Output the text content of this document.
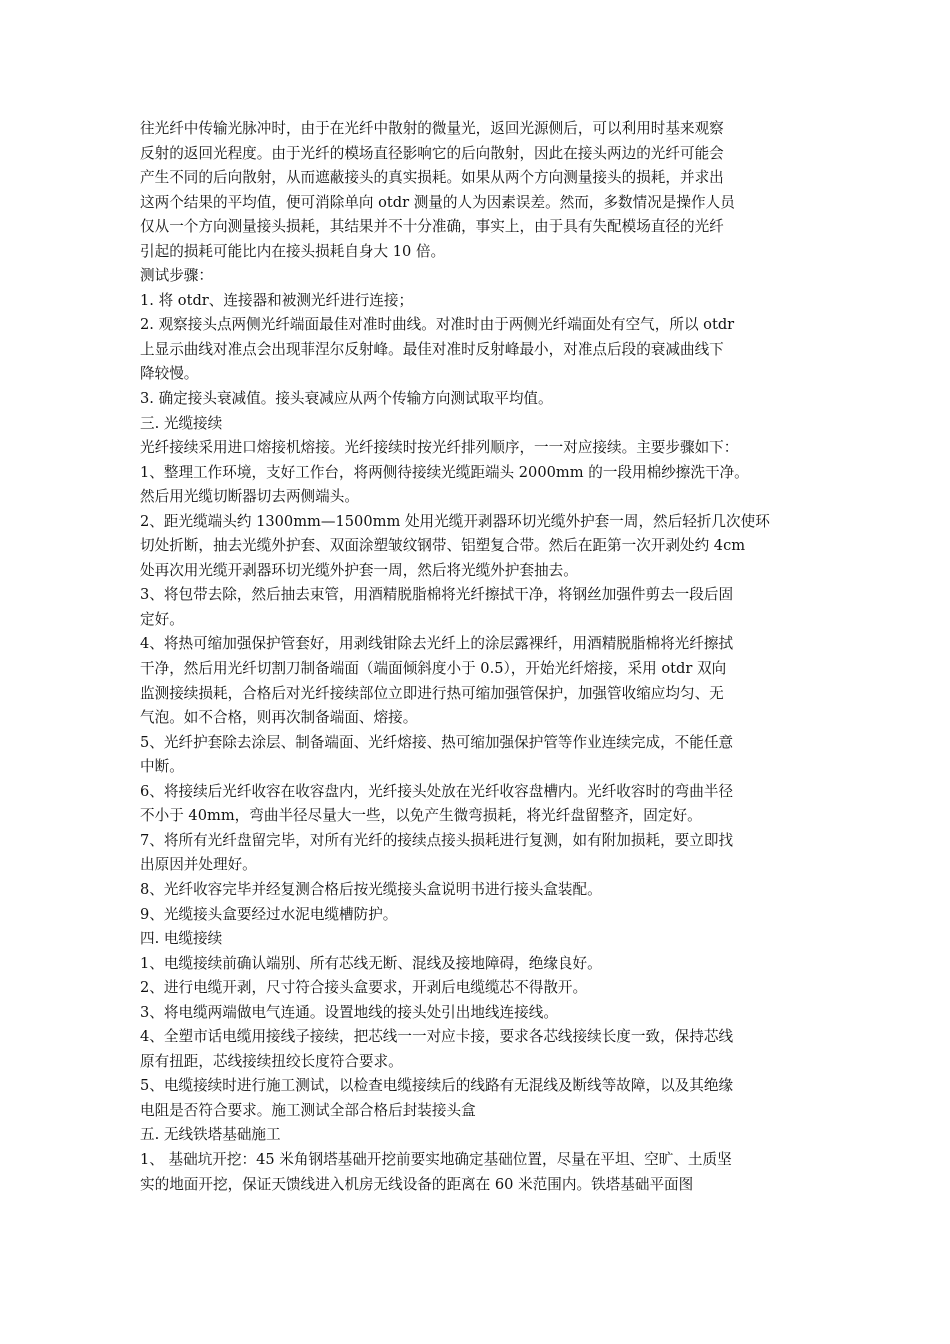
往光纤中传输光脉冲时，由于在光纤中散射的微量光，返回光源侧后，可以利用时基来观察
反射的返回光程度。由于光纤的模场直径影响它的后向散射，因此在接头两边的光纤可能会
产生不同的后向散射，从而遮蔽接头的真实损耗。如果从两个方向测量接头的损耗，并求出
这两个结果的平均值，便可消除单向 otdr 测量的人为因素误差。然而，多数情况是操作人员
仅从一个方向测量接头损耗，其结果并不十分准确，事实上，由于具有失配模场直径的光纤
引起的损耗可能比内在接头损耗自身大 10 倍。
测试步骤：
1. 将 otdr、连接器和被测光纤进行连接；
2. 观察接头点两侧光纤端面最佳对准时曲线。对准时由于两侧光纤端面处有空气，所以 otdr
上显示曲线对准点会出现菲涅尔反射峰。最佳对准时反射峰最小，对准点后段的衰减曲线下
降较慢。
3. 确定接头衰减值。接头衰减应从两个传输方向测试取平均值。
三. 光缆接续
光纤接续采用进口熔接机熔接。光纤接续时按光纤排列顺序，一一对应接续。主要步骤如下：
1、整理工作环境，支好工作台，将两侧待接续光缆距端头 2000mm 的一段用棉纱擦洗干净。
然后用光缆切断器切去两侧端头。
2、距光缆端头约 1300mm—1500mm 处用光缆开剥器环切光缆外护套一周，然后轻折几次使环
切处折断，抽去光缆外护套、双面涂塑皱纹钢带、铝塑复合带。然后在距第一次开剥处约 4cm
处再次用光缆开剥器环切光缆外护套一周，然后将光缆外护套抽去。
3、将包带去除，然后抽去束管，用酒精脱脂棉将光纤擦拭干净，将钢丝加强件剪去一段后固
定好。
4、将热可缩加强保护管套好，用剥线钳除去光纤上的涂层露裸纤，用酒精脱脂棉将光纤擦拭
干净，然后用光纤切割刀制备端面（端面倾斜度小于 0.5），开始光纤熔接，采用 otdr 双向
监测接续损耗，合格后对光纤接续部位立即进行热可缩加强管保护，加强管收缩应均匀、无
气泡。如不合格，则再次制备端面、熔接。
5、光纤护套除去涂层、制备端面、光纤熔接、热可缩加强保护管等作业连续完成，不能任意
中断。
6、将接续后光纤收容在收容盘内，光纤接头处放在光纤收容盘槽内。光纤收容时的弯曲半径
不小于 40mm，弯曲半径尽量大一些，以免产生微弯损耗，将光纤盘留整齐，固定好。
7、将所有光纤盘留完毕，对所有光纤的接续点接头损耗进行复测，如有附加损耗，要立即找
出原因并处理好。
8、光纤收容完毕并经复测合格后按光缆接头盒说明书进行接头盒装配。
9、光缆接头盒要经过水泥电缆槽防护。
四. 电缆接续
1、电缆接续前确认端别、所有芯线无断、混线及接地障碍，绝缘良好。
2、进行电缆开剥，尺寸符合接头盒要求，开剥后电缆缆芯不得散开。
3、将电缆两端做电气连通。设置地线的接头处引出地线连接线。
4、全塑市话电缆用接线子接续，把芯线一一对应卡接，要求各芯线接续长度一致，保持芯线
原有扭距，芯线接续扭绞长度符合要求。
5、电缆接续时进行施工测试，以检查电缆接续后的线路有无混线及断线等故障，以及其绝缘
电阻是否符合要求。施工测试全部合格后封装接头盒
五. 无线铁塔基础施工
1、 基础坑开挖：45 米角钢塔基础开挖前要实地确定基础位置，尽量在平坦、空旷、土质坚
实的地面开挖，保证天馈线进入机房无线设备的距离在 60 米范围内。铁塔基础平面图
